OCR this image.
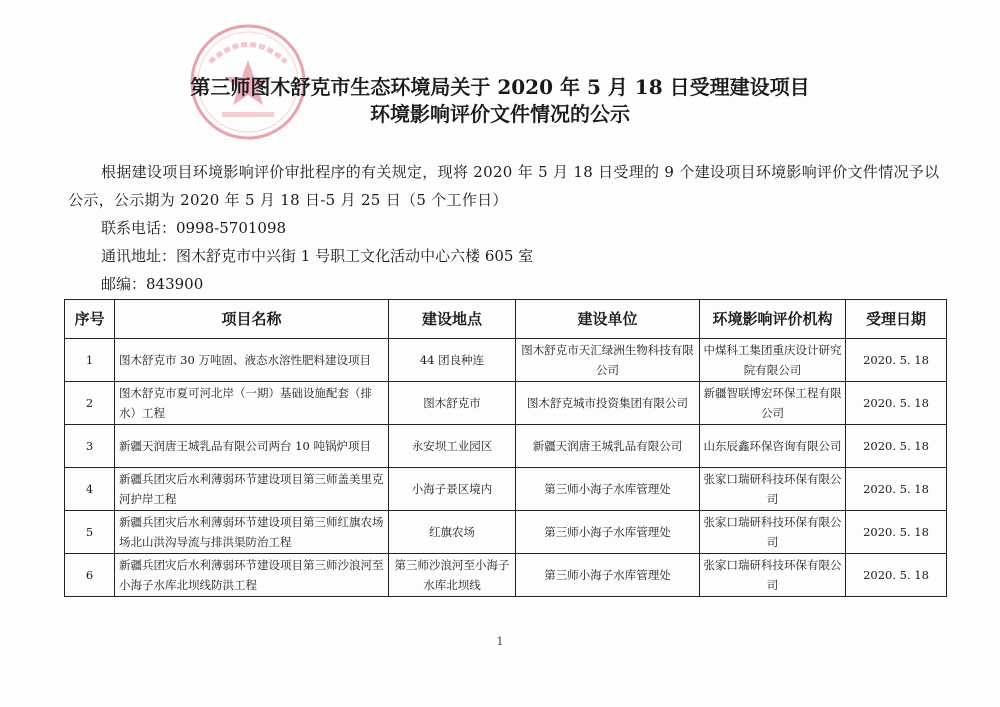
第三师图木舒克市生态环境局关于 2020 年 5 月 18 日受理建设项目
环境影响评价文件情况的公示

根据建设项目环境影响评价审批程序的有关规定，现将 2020 年 5 月 18 日受理的 9 个建设项目环境影响评价文件情况予以公示，公示期为 2020 年 5 月 18 日-5 月 25 日（5 个工作日）

联系电话：0998-5701098

通讯地址：图木舒克市中兴街 1 号职工文化活动中心六楼 605 室

邮编：843900

序号	项目名称	建设地点	建设单位	环境影响评价机构	受理日期
1	图木舒克市 30 万吨固、液态水溶性肥料建设项目	44 团良种连	图木舒克市天汇绿洲生物科技有限公司	中煤科工集团重庆设计研究院有限公司	2020. 5. 18
2	图木舒克市夏可河北岸（一期）基础设施配套（排水）工程	图木舒克市	图木舒克城市投资集团有限公司	新疆智联博宏环保工程有限公司	2020. 5. 18
3	新疆天润唐王城乳品有限公司两台 10 吨锅炉项目	永安坝工业园区	新疆天润唐王城乳品有限公司	山东辰鑫环保咨询有限公司	2020. 5. 18
4	新疆兵团灾后水利薄弱环节建设项目第三师盖美里克河护岸工程	小海子景区境内	第三师小海子水库管理处	张家口瑞研科技环保有限公司	2020. 5. 18
5	新疆兵团灾后水利薄弱环节建设项目第三师红旗农场场北山洪沟导流与排洪渠防治工程	红旗农场	第三师小海子水库管理处	张家口瑞研科技环保有限公司	2020. 5. 18
6	新疆兵团灾后水利薄弱环节建设项目第三师沙浪河至小海子水库北坝线防洪工程	第三师沙浪河至小海子水库北坝线	第三师小海子水库管理处	张家口瑞研科技环保有限公司	2020. 5. 18

1
